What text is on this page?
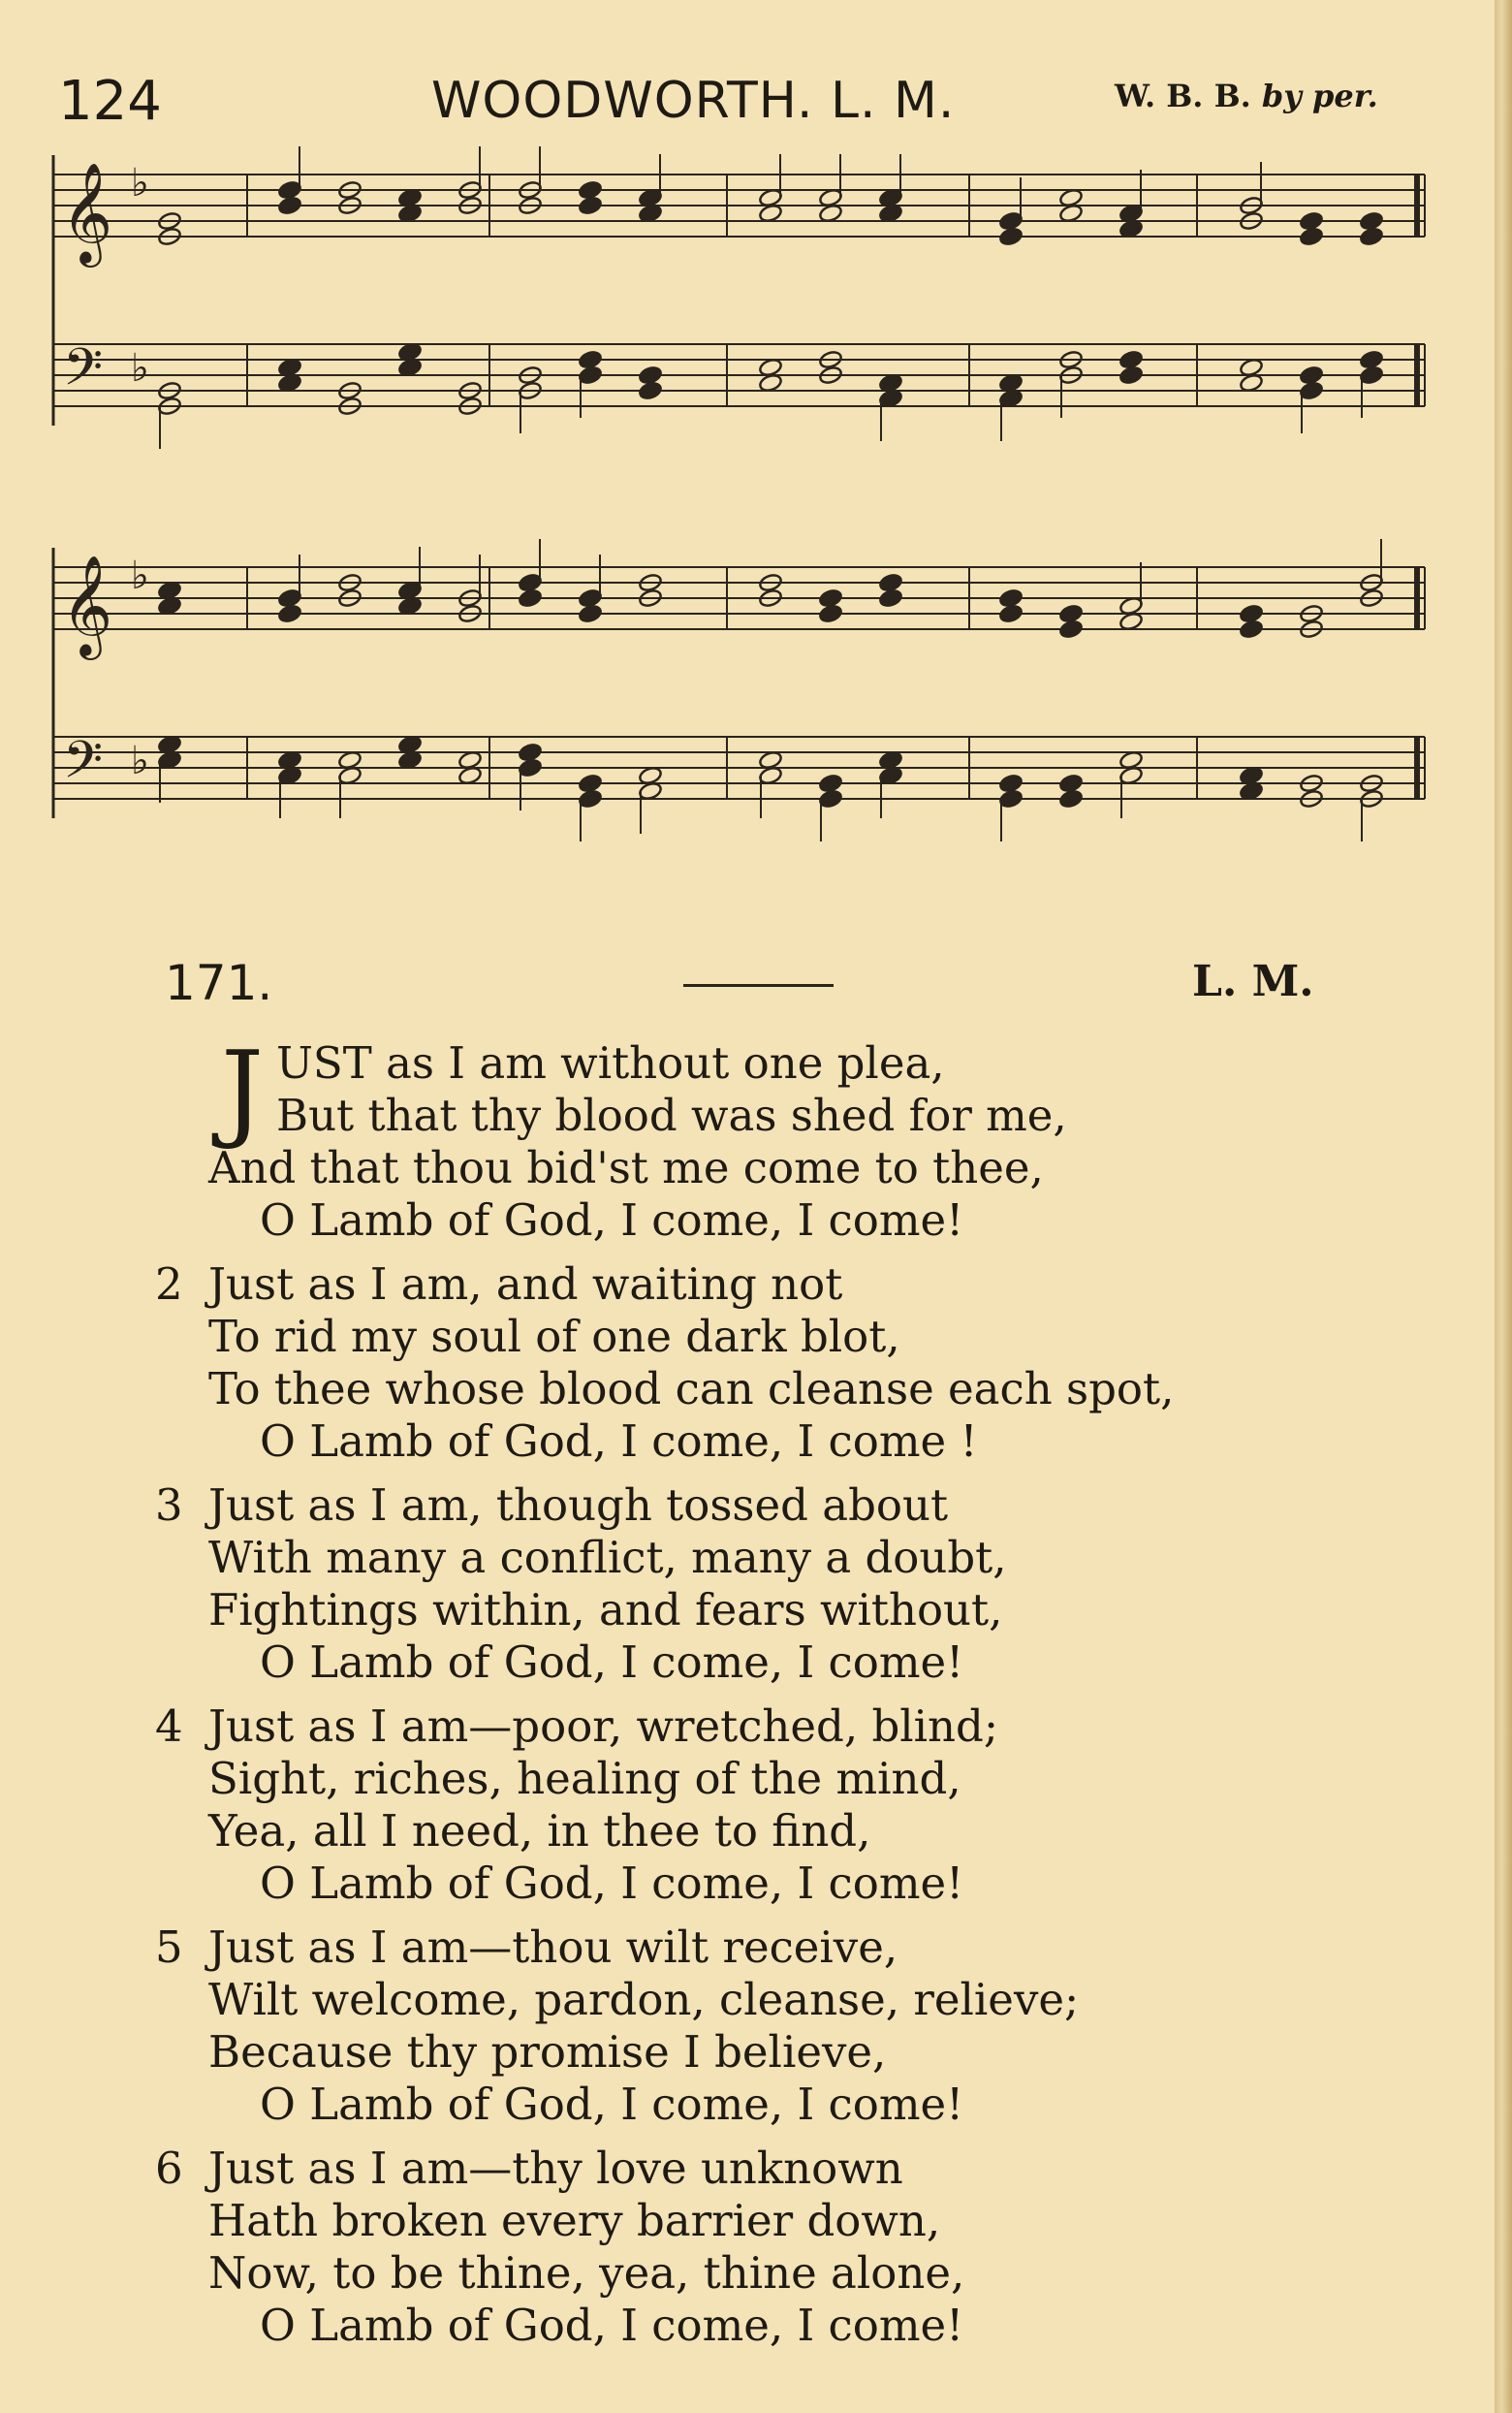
124	WOODWORTH. L. M.	W. B. B. by per.
𝄞
𝄢
♭
♭
𝄞
𝄢
♭
♭
171.	L. M.
J UST as I am without one plea,
But that thy blood was shed for me,
And that thou bid'st me come to thee,
O Lamb of God, I come, I come!
2 Just as I am, and waiting not
To rid my soul of one dark blot,
To thee whose blood can cleanse each spot,
O Lamb of God, I come, I come !
3 Just as I am, though tossed about
With many a conflict, many a doubt,
Fightings within, and fears without,
O Lamb of God, I come, I come!
4 Just as I am—poor, wretched, blind;
Sight, riches, healing of the mind,
Yea, all I need, in thee to find,
O Lamb of God, I come, I come!
5 Just as I am—thou wilt receive,
Wilt welcome, pardon, cleanse, relieve;
Because thy promise I believe,
O Lamb of God, I come, I come!
6 Just as I am—thy love unknown
Hath broken every barrier down,
Now, to be thine, yea, thine alone,
O Lamb of God, I come, I come!
